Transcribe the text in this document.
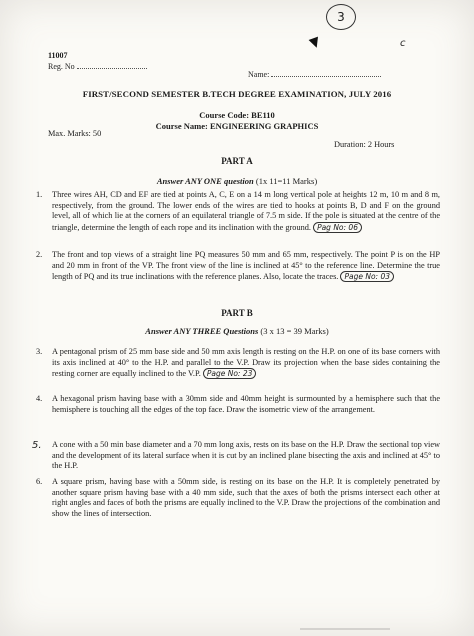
3
c
11007
Reg. No
Name:
FIRST/SECOND SEMESTER B.TECH DEGREE EXAMINATION, JULY 2016
Course Code: BE110
Course Name: ENGINEERING GRAPHICS
Max. Marks: 50
Duration: 2 Hours
PART A
Answer ANY ONE question (1x 11=11 Marks)
1. Three wires AH, CD and EF are tied at points A, C, E on a 14 m long vertical pole at heights 12 m, 10 m and 8 m, respectively, from the ground. The lower ends of the wires are tied to hooks at points B, D and F on the ground level, all of which lie at the corners of an equilateral triangle of 7.5 m side. If the pole is situated at the centre of the triangle, determine the length of each rope and its inclination with the ground. Pag No: 06
2. The front and top views of a straight line PQ measures 50 mm and 65 mm, respectively. The point P is on the HP and 20 mm in front of the VP. The front view of the line is inclined at 45° to the reference line. Determine the true length of PQ and its true inclinations with the reference planes. Also, locate the traces. Page No: 03
PART B
Answer ANY THREE Questions (3 x 13 = 39 Marks)
3. A pentagonal prism of 25 mm base side and 50 mm axis length is resting on the H.P. on one of its base corners with its axis inclined at 40° to the H.P. and parallel to the V.P. Draw its projection when the base sides containing the resting corner are equally inclined to the V.P. Page No: 23
4. A hexagonal prism having base with a 30mm side and 40mm height is surmounted by a hemisphere such that the hemisphere is touching all the edges of the top face. Draw the isometric view of the arrangement.
5. A cone with a 50 min base diameter and a 70 mm long axis, rests on its base on the H.P. Draw the sectional top view and the development of its lateral surface when it is cut by an inclined plane bisecting the axis and inclined at 45° to the H.P.
6. A square prism, having base with a 50mm side, is resting on its base on the H.P. It is completely penetrated by another square prism having base with a 40 mm side, such that the axes of both the prisms intersect each other at right angles and faces of both the prisms are equally inclined to the V.P. Draw the projections of the combination and show the lines of intersection.
